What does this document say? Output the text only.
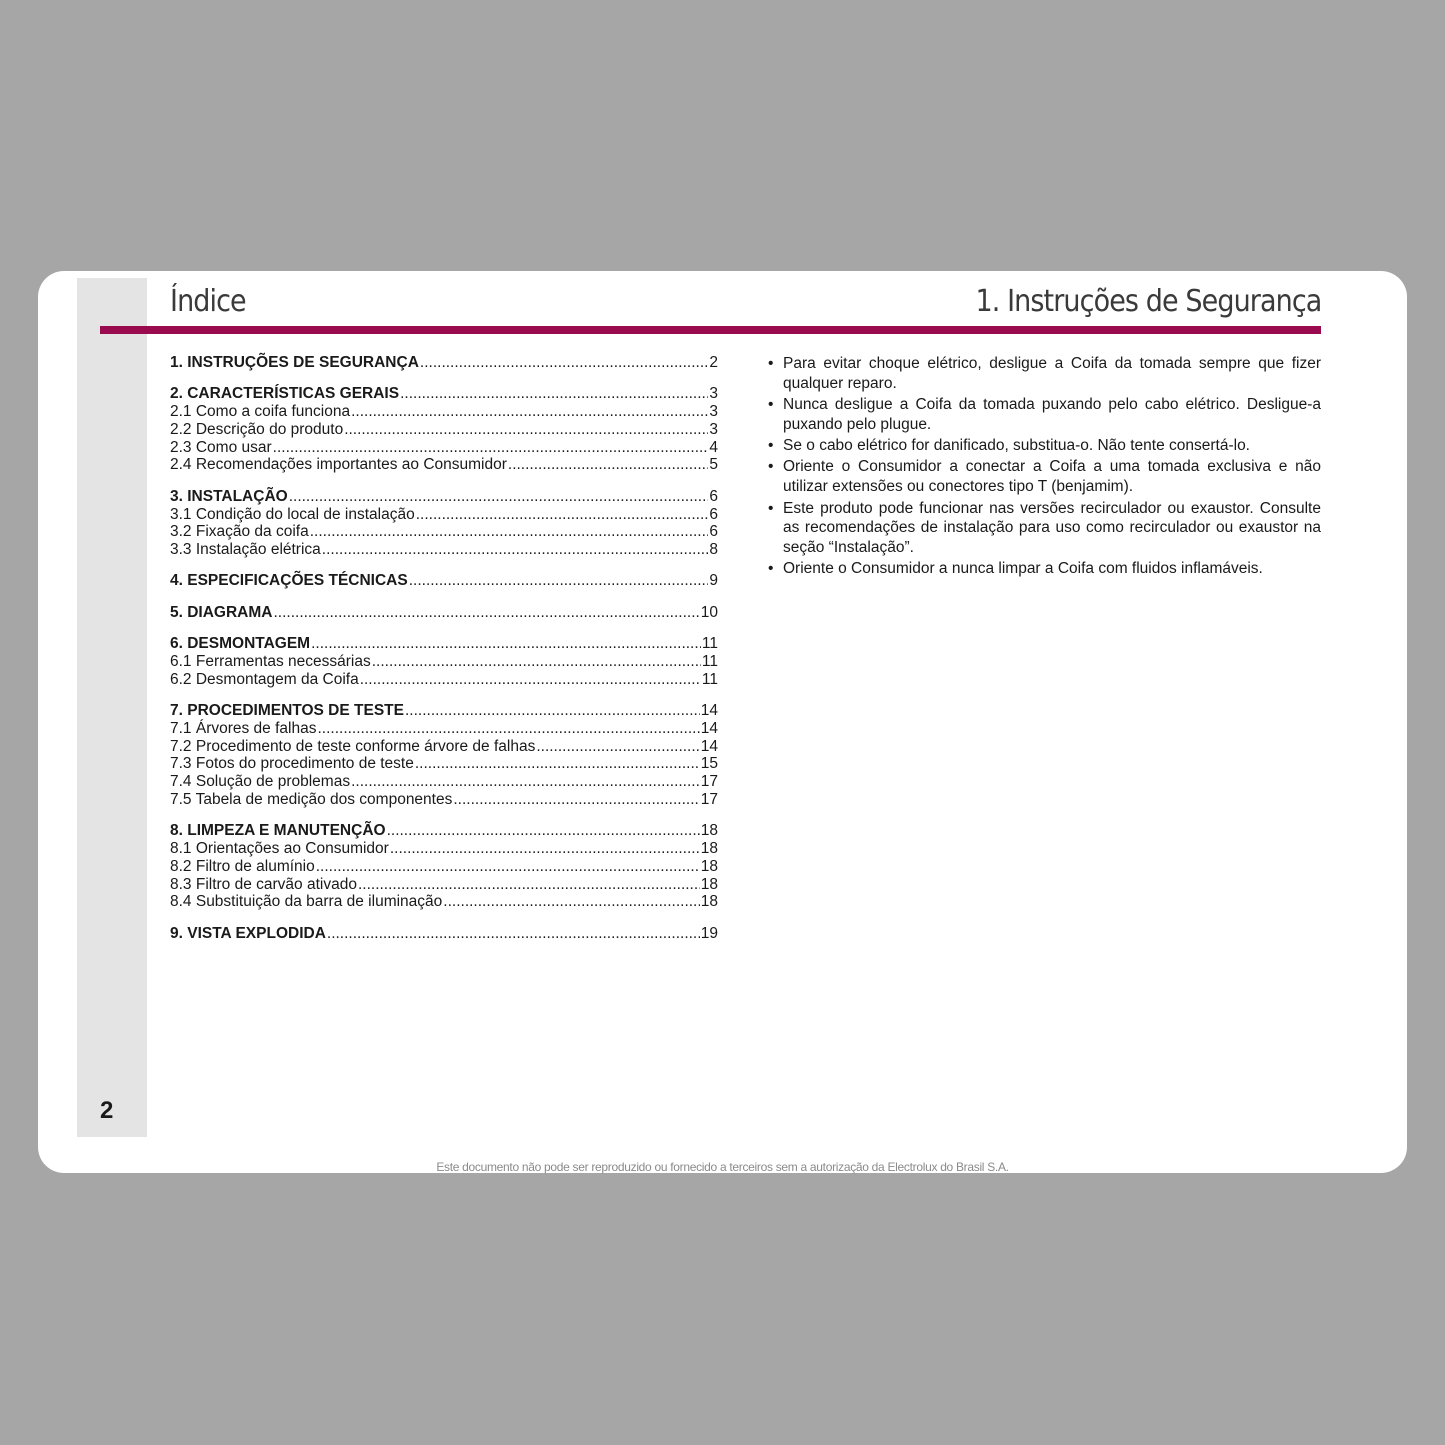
2
Índice	1. Instruções de Segurança
1. INSTRUÇÕES DE SEGURANÇA .....	2
2. CARACTERÍSTICAS GERAIS .....	3
2.1 Como a coifa funciona .....	3
2.2 Descrição do produto .....	3
2.3 Como usar .....	4
2.4 Recomendações importantes ao Consumidor .....	5
3. INSTALAÇÃO .....	6
3.1 Condição do local de instalação .....	6
3.2 Fixação da coifa .....	6
3.3 Instalação elétrica .....	8
4. ESPECIFICAÇÕES TÉCNICAS .....	9
5. DIAGRAMA .....	10
6. DESMONTAGEM .....	11
6.1 Ferramentas necessárias .....	11
6.2 Desmontagem da Coifa .....	11
7. PROCEDIMENTOS DE TESTE .....	14
7.1 Árvores de falhas .....	14
7.2 Procedimento de teste conforme árvore de falhas .....	14
7.3 Fotos do procedimento de teste .....	15
7.4 Solução de problemas .....	17
7.5 Tabela de medição dos componentes .....	17
8. LIMPEZA E MANUTENÇÃO .....	18
8.1 Orientações ao Consumidor .....	18
8.2 Filtro de alumínio .....	18
8.3 Filtro de carvão ativado .....	18
8.4 Substituição da barra de iluminação .....	18
9. VISTA EXPLODIDA .....	19
• Para evitar choque elétrico, desligue a Coifa da tomada sempre que fizer qualquer reparo.
• Nunca desligue a Coifa da tomada puxando pelo cabo elétrico. Desligue-a puxando pelo plugue.
• Se o cabo elétrico for danificado, substitua-o. Não tente consertá-lo.
• Oriente o Consumidor a conectar a Coifa a uma tomada exclusiva e não utilizar extensões ou conectores tipo T (benjamim).
• Este produto pode funcionar nas versões recirculador ou exaustor. Consulte as recomendações de instalação para uso como recirculador ou exaustor na seção “Instalação”.
• Oriente o Consumidor a nunca limpar a Coifa com fluidos inflamáveis.
Este documento não pode ser reproduzido ou fornecido a terceiros sem a autorização da Electrolux do Brasil S.A.
